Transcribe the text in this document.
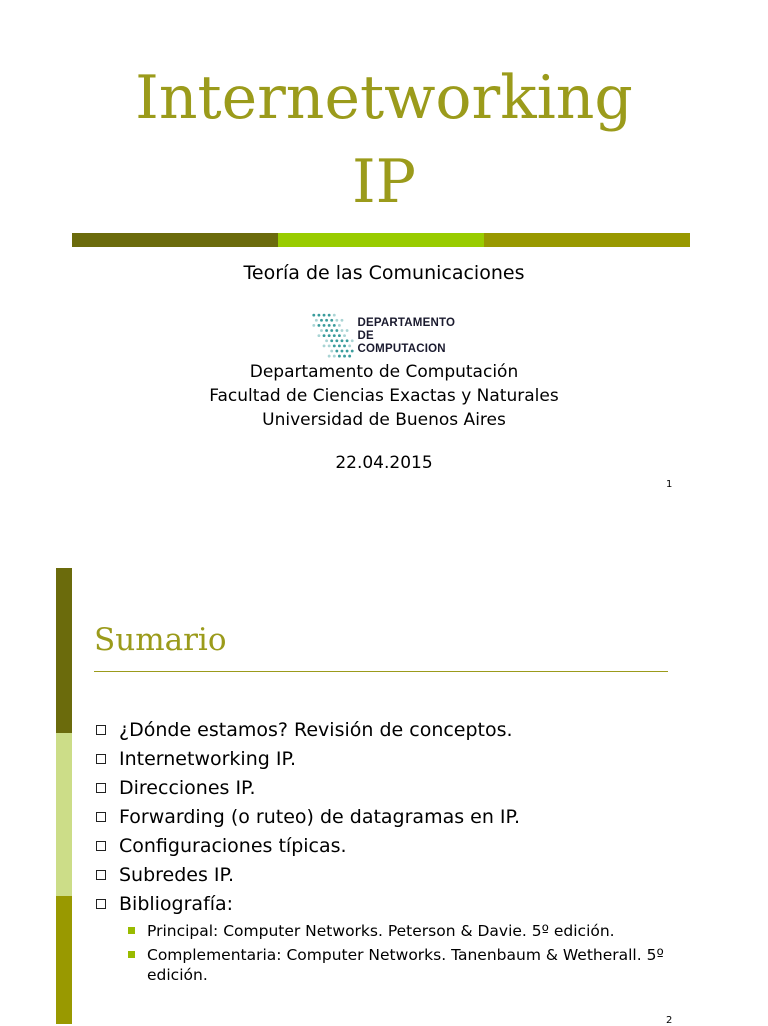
Internetworking
IP
Teoría de las Comunicaciones
DEPARTAMENTO
DE COMPUTACION
Departamento de Computación
Facultad de Ciencias Exactas y Naturales
Universidad de Buenos Aires
22.04.2015
1
Sumario
¿Dónde estamos? Revisión de conceptos.
Internetworking IP.
Direcciones IP.
Forwarding (o ruteo) de datagramas en IP.
Configuraciones típicas.
Subredes IP.
Bibliografía:
Principal: Computer Networks. Peterson & Davie. 5º edición.
Complementaria: Computer Networks. Tanenbaum & Wetherall. 5º edición.
2
